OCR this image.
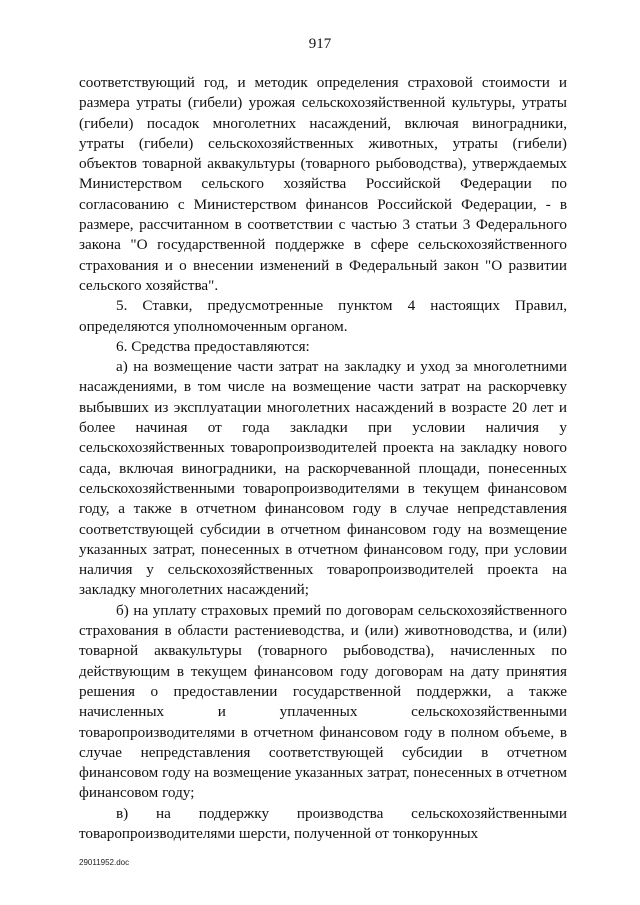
917

соответствующий год, и методик определения страховой стоимости и размера утраты (гибели) урожая сельскохозяйственной культуры, утраты (гибели) посадок многолетних насаждений, включая виноградники, утраты (гибели) сельскохозяйственных животных, утраты (гибели) объектов товарной аквакультуры (товарного рыбоводства), утверждаемых Министерством сельского хозяйства Российской Федерации по согласованию с Министерством финансов Российской Федерации, - в размере, рассчитанном в соответствии с частью 3 статьи 3 Федерального закона "О государственной поддержке в сфере сельскохозяйственного страхования и о внесении изменений в Федеральный закон "О развитии сельского хозяйства".

5. Ставки, предусмотренные пунктом 4 настоящих Правил, определяются уполномоченным органом.

6. Средства предоставляются:

а) на возмещение части затрат на закладку и уход за многолетними насаждениями, в том числе на возмещение части затрат на раскорчевку выбывших из эксплуатации многолетних насаждений в возрасте 20 лет и более начиная от года закладки при условии наличия у сельскохозяйственных товаропроизводителей проекта на закладку нового сада, включая виноградники, на раскорчеванной площади, понесенных сельскохозяйственными товаропроизводителями в текущем финансовом году, а также в отчетном финансовом году в случае непредставления соответствующей субсидии в отчетном финансовом году на возмещение указанных затрат, понесенных в отчетном финансовом году, при условии наличия у сельскохозяйственных товаропроизводителей проекта на закладку многолетних насаждений;

б) на уплату страховых премий по договорам сельскохозяйственного страхования в области растениеводства, и (или) животноводства, и (или) товарной аквакультуры (товарного рыбоводства), начисленных по действующим в текущем финансовом году договорам на дату принятия решения о предоставлении государственной поддержки, а также начисленных и уплаченных сельскохозяйственными товаропроизводителями в отчетном финансовом году в полном объеме, в случае непредставления соответствующей субсидии в отчетном финансовом году на возмещение указанных затрат, понесенных в отчетном финансовом году;

в) на поддержку производства сельскохозяйственными товаропроизводителями шерсти, полученной от тонкорунных

29011952.doc
